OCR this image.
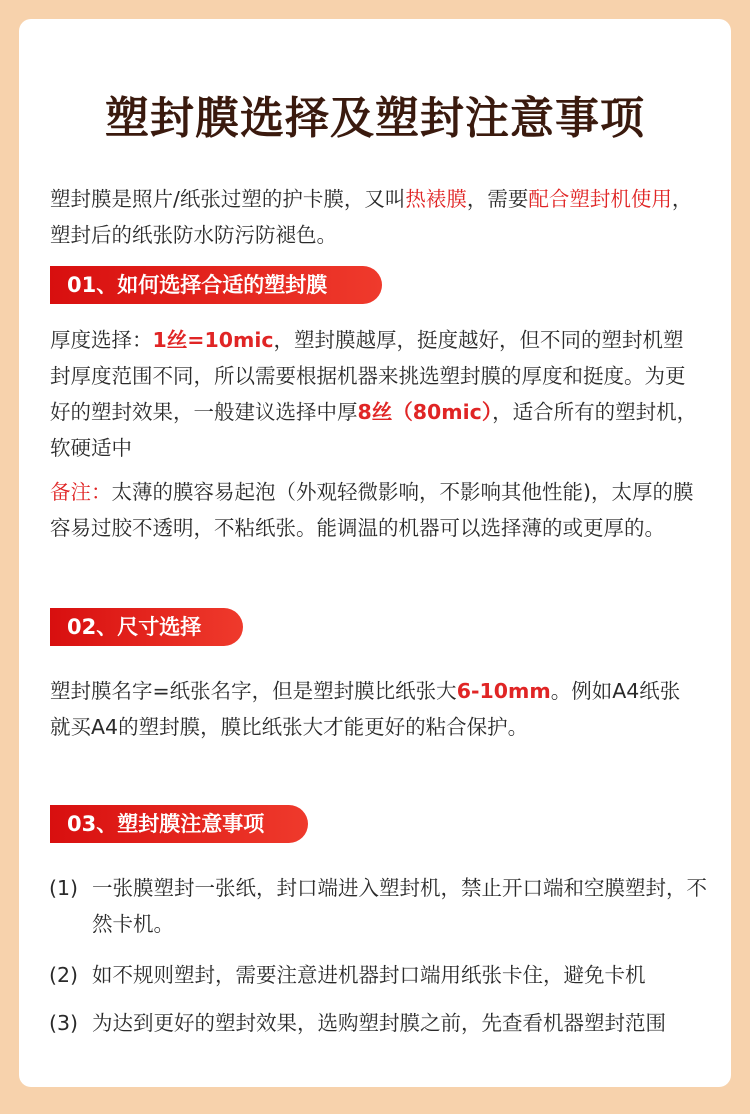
塑封膜选择及塑封注意事项

塑封膜是照片/纸张过塑的护卡膜，又叫热裱膜，需要配合塑封机使用，塑封后的纸张防水防污防褪色。

01、如何选择合适的塑封膜

厚度选择：1丝=10mic，塑封膜越厚，挺度越好，但不同的塑封机塑封厚度范围不同，所以需要根据机器来挑选塑封膜的厚度和挺度。为更好的塑封效果，一般建议选择中厚8丝（80mic），适合所有的塑封机，软硬适中

备注：太薄的膜容易起泡（外观轻微影响，不影响其他性能)，太厚的膜容易过胶不透明，不粘纸张。能调温的机器可以选择薄的或更厚的。

02、尺寸选择

塑封膜名字=纸张名字，但是塑封膜比纸张大6-10mm。例如A4纸张就买A4的塑封膜，膜比纸张大才能更好的粘合保护。

03、塑封膜注意事项

(1) 一张膜塑封一张纸，封口端进入塑封机，禁止开口端和空膜塑封，不然卡机。

(2) 如不规则塑封，需要注意进机器封口端用纸张卡住，避免卡机

(3) 为达到更好的塑封效果，选购塑封膜之前，先查看机器塑封范围
